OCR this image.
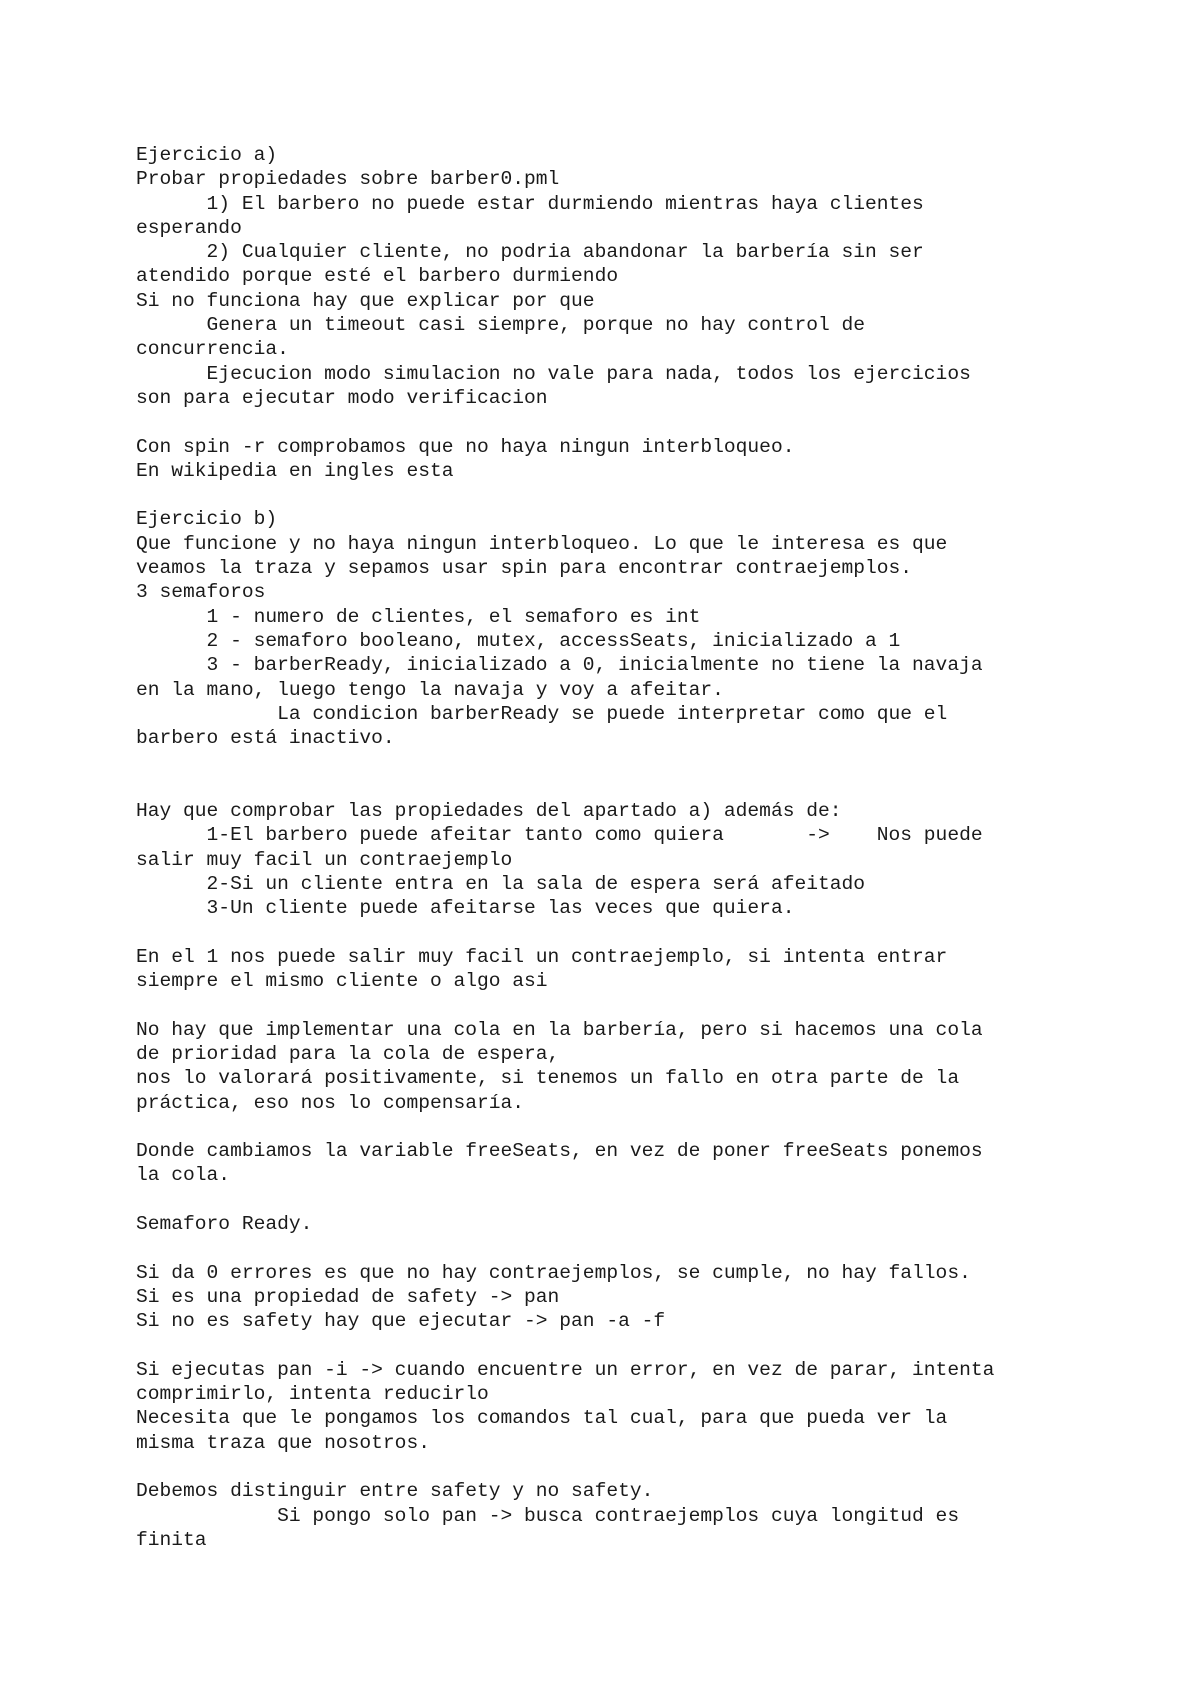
Ejercicio a)
Probar propiedades sobre barber0.pml
1) El barbero no puede estar durmiendo mientras haya clientes
esperando
2) Cualquier cliente, no podria abandonar la barbería sin ser
atendido porque esté el barbero durmiendo
Si no funciona hay que explicar por que
Genera un timeout casi siempre, porque no hay control de
concurrencia.
Ejecucion modo simulacion no vale para nada, todos los ejercicios
son para ejecutar modo verificacion
Con spin -r comprobamos que no haya ningun interbloqueo.
En wikipedia en ingles esta
Ejercicio b)
Que funcione y no haya ningun interbloqueo. Lo que le interesa es que
veamos la traza y sepamos usar spin para encontrar contraejemplos.
3 semaforos
1 - numero de clientes, el semaforo es int
2 - semaforo booleano, mutex, accessSeats, inicializado a 1
3 - barberReady, inicializado a 0, inicialmente no tiene la navaja
en la mano, luego tengo la navaja y voy a afeitar.
La condicion barberReady se puede interpretar como que el
barbero está inactivo.
Hay que comprobar las propiedades del apartado a) además de:
1-El barbero puede afeitar tanto como quiera       ->    Nos puede
salir muy facil un contraejemplo
2-Si un cliente entra en la sala de espera será afeitado
3-Un cliente puede afeitarse las veces que quiera.
En el 1 nos puede salir muy facil un contraejemplo, si intenta entrar
siempre el mismo cliente o algo asi
No hay que implementar una cola en la barbería, pero si hacemos una cola
de prioridad para la cola de espera,
nos lo valorará positivamente, si tenemos un fallo en otra parte de la
práctica, eso nos lo compensaría.
Donde cambiamos la variable freeSeats, en vez de poner freeSeats ponemos
la cola.
Semaforo Ready.
Si da 0 errores es que no hay contraejemplos, se cumple, no hay fallos.
Si es una propiedad de safety -> pan
Si no es safety hay que ejecutar -> pan -a -f
Si ejecutas pan -i -> cuando encuentre un error, en vez de parar, intenta
comprimirlo, intenta reducirlo
Necesita que le pongamos los comandos tal cual, para que pueda ver la
misma traza que nosotros.
Debemos distinguir entre safety y no safety.
Si pongo solo pan -> busca contraejemplos cuya longitud es
finita
